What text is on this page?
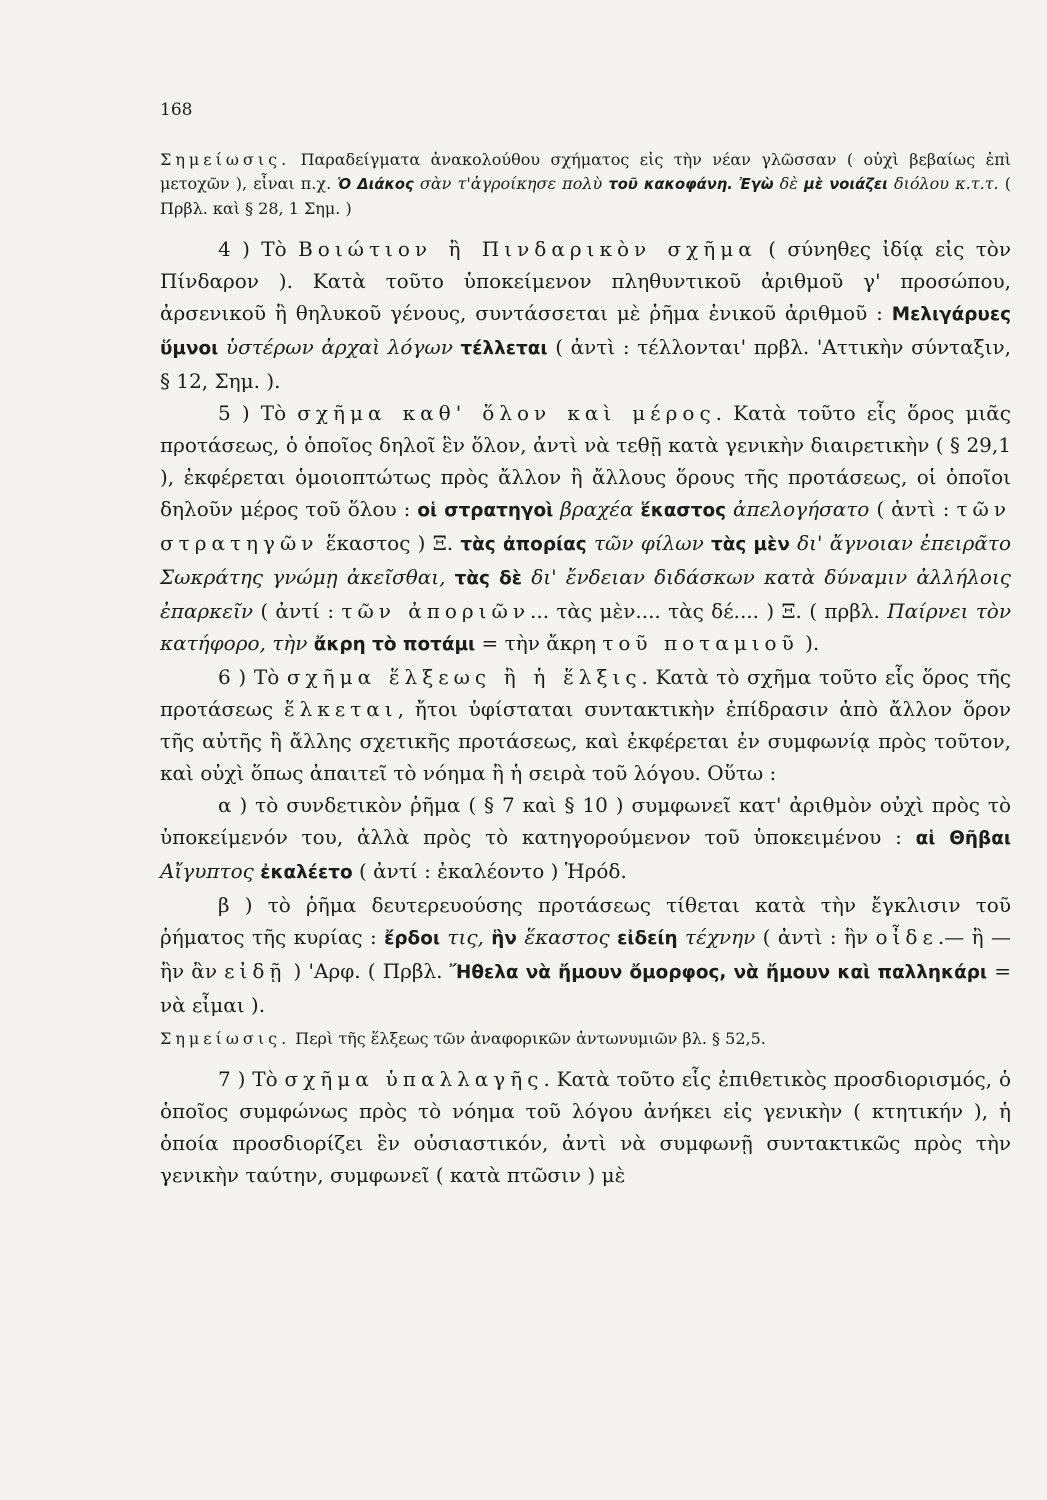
168

Σημείωσις. Παραδείγματα ἀνακολούθου σχήματος εἰς τὴν νέαν γλῶσσαν ( οὐχὶ βεβαίως ἐπὶ μετοχῶν ), εἶναι π.χ. Ὁ Διάκος σὰν τ'ἀγροίκησε πολὺ τοῦ κακοφάνη. Ἐγὼ δὲ μὲ νοιάζει διόλου κ.τ.τ. ( Πρβλ. καὶ § 28, 1 Σημ. )

4 ) Τὸ Βοιώτιον ἢ Πινδαρικὸν σχῆμα ( σύνηθες ἰδίᾳ εἰς τὸν Πίνδαρον ). Κατὰ τοῦτο ὑποκείμενον πληθυντικοῦ ἀριθμοῦ γ' προσώπου, ἀρσενικοῦ ἢ θηλυκοῦ γένους, συντάσσεται μὲ ῥῆμα ἑνικοῦ ἀριθμοῦ : Μελιγάρυες ὕμνοι ὑστέρων ἀρχαὶ λόγων τέλλεται ( ἀντὶ : τέλλονται' πρβλ. 'Αττικὴν σύνταξιν, § 12, Σημ. ).

5 ) Τὸ σχῆμα καθ' ὅλον καὶ μέρος. Κατὰ τοῦτο εἷς ὅρος μιᾶς προτάσεως, ὁ ὁποῖος δηλοῖ ἓν ὅλον, ἀντὶ νὰ τεθῇ κατὰ γενικὴν διαιρετικὴν ( § 29,1 ), ἐκφέρεται ὁμοιοπτώτως πρὸς ἄλλον ἢ ἄλλους ὅρους τῆς προτάσεως, οἱ ὁποῖοι δηλοῦν μέρος τοῦ ὅλου : οἱ στρατηγοὶ βραχέα ἕκαστος ἀπελογήσατο ( ἀντὶ : τῶν στρατηγῶν ἕκαστος ) Ξ. τὰς ἀπορίας τῶν φίλων τὰς μὲν δι' ἄγνοιαν ἐπειρᾶτο Σωκράτης γνώμῃ ἀκεῖσθαι, τὰς δὲ δι' ἔνδειαν διδάσκων κατὰ δύναμιν ἀλλήλοις ἐπαρκεῖν ( ἀντί : τῶν ἀποριῶν... τὰς μὲν.... τὰς δέ.... ) Ξ. ( πρβλ. Παίρνει τὸν κατήφορο, τὴν ἄκρη τὸ ποτάμι = τὴν ἄκρη τοῦ ποταμιοῦ ).

6 ) Τὸ σχῆμα ἕλξεως ἢ ἡ ἕλξις. Κατὰ τὸ σχῆμα τοῦτο εἷς ὅρος τῆς προτάσεως ἕλκεται, ἤτοι ὑφίσταται συντακτικὴν ἐπίδρασιν ἀπὸ ἄλλον ὅρον τῆς αὐτῆς ἢ ἄλλης σχετικῆς προτάσεως, καὶ ἐκφέρεται ἐν συμφωνίᾳ πρὸς τοῦτον, καὶ οὐχὶ ὅπως ἀπαιτεῖ τὸ νόημα ἢ ἡ σειρὰ τοῦ λόγου. Οὕτω :

α ) τὸ συνδετικὸν ῥῆμα ( § 7 καὶ § 10 ) συμφωνεῖ κατ' ἀριθμὸν οὐχὶ πρὸς τὸ ὑποκείμενόν του, ἀλλὰ πρὸς τὸ κατηγορούμενον τοῦ ὑποκειμένου : αἱ Θῆβαι Αἴγυπτος ἐκαλέετο ( ἀντί : ἐκαλέοντο ) Ἡρόδ.

β ) τὸ ῥῆμα δευτερευούσης προτάσεως τίθεται κατὰ τὴν ἔγκλισιν τοῦ ῥήματος τῆς κυρίας : ἔρδοι τις, ἣν ἕκαστος εἰδείη τέχνην ( ἀντὶ : ἣν οἶδε.— ἢ — ἣν ἂν εἰδῇ ) 'Αρφ. ( Πρβλ. Ἤθελα νὰ ἤμουν ὄμορφος, νὰ ἤμουν καὶ παλληκάρι = νὰ εἶμαι ).

Σημείωσις. Περὶ τῆς ἕλξεως τῶν ἀναφορικῶν ἀντωνυμιῶν βλ. § 52,5.

7 ) Τὸ σχῆμα ὑπαλλαγῆς. Κατὰ τοῦτο εἷς ἐπιθετικὸς προσδιορισμός, ὁ ὁποῖος συμφώνως πρὸς τὸ νόημα τοῦ λόγου ἀνήκει εἰς γενικὴν ( κτητικήν ), ἡ ὁποία προσδιορίζει ἓν οὐσιαστικόν, ἀντὶ νὰ συμφωνῇ συντακτικῶς πρὸς τὴν γενικὴν ταύτην, συμφωνεῖ ( κατὰ πτῶσιν ) μὲ
